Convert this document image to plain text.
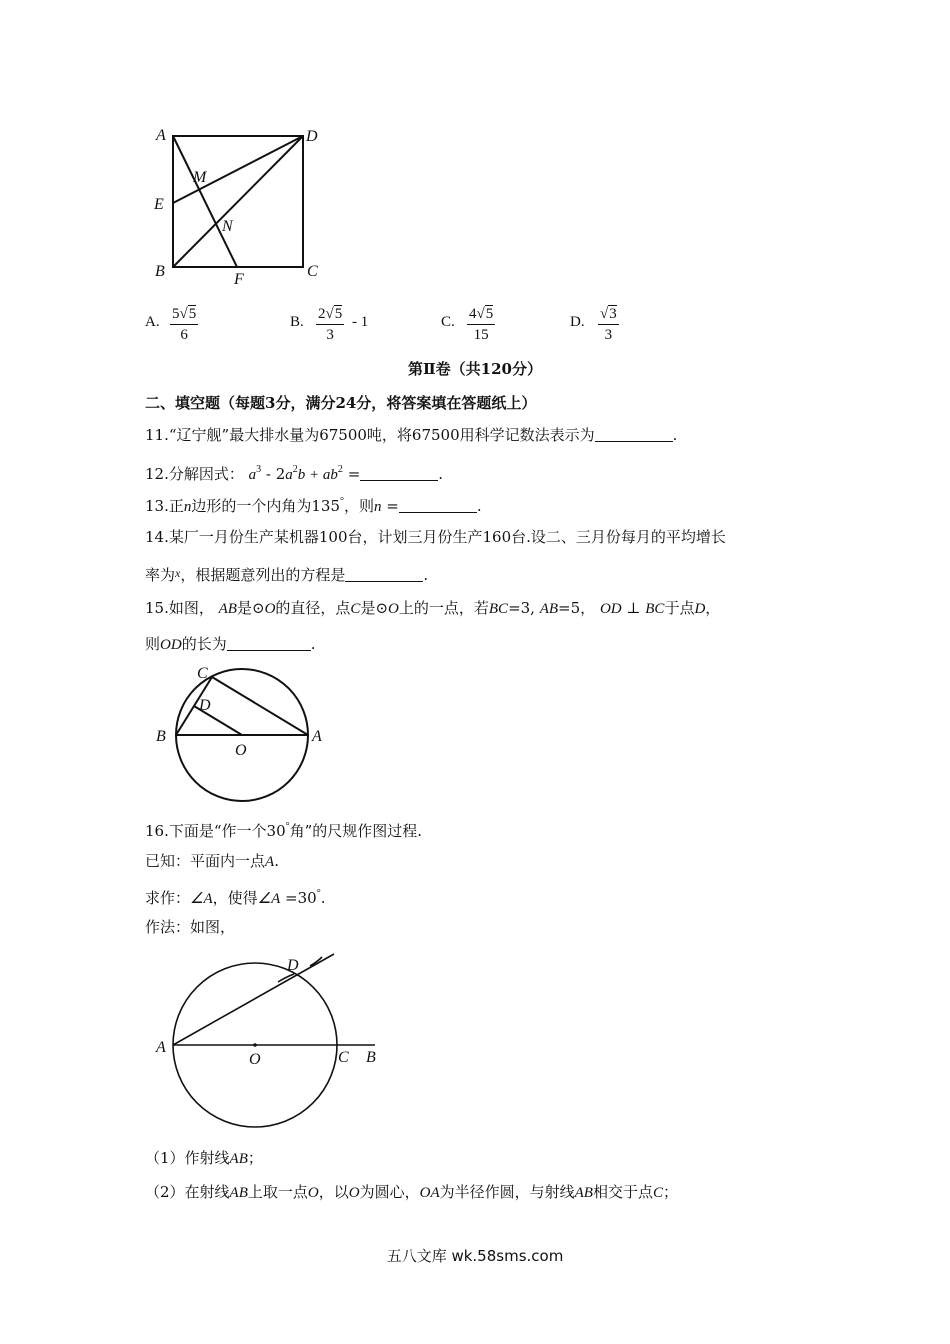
A	D
E
M
N
B	F	C
A. $\frac{5√5}{6}$	B. $\frac{2√5}{3} - 1$	C. $\frac{4√5}{15}$	D. $\frac{√3}{3}$
第Ⅱ卷（共120分）
二、填空题（每题3分，满分24分，将答案填在答题纸上）
11.“辽宁舰”最大排水量为67500吨，将67500用科学记数法表示为	.
12.分解因式： $a^3 - 2a^2b + ab^2$ =	.
13.正n边形的一个内角为135°，则n =	.
14.某厂一月份生产某机器100台，计划三月份生产160台.设二、三月份每月的平均增长
率为$^x$，根据题意列出的方程是	.
15.如图， AB是⊙O的直径，点C是⊙O上的一点，若BC=3, AB=5， OD ⊥ BC于点D，
则OD的长为	.
C
D
B
O
A
16.下面是“作一个30°角”的尺规作图过程.
已知：平面内一点A.
求作：∠A，使得∠A =30°.
作法：如图，
D
A
O	C B
（1）作射线AB；
（2）在射线AB上取一点O，以O为圆心，OA为半径作圆，与射线AB相交于点C；
五八文库 wk.58sms.com
